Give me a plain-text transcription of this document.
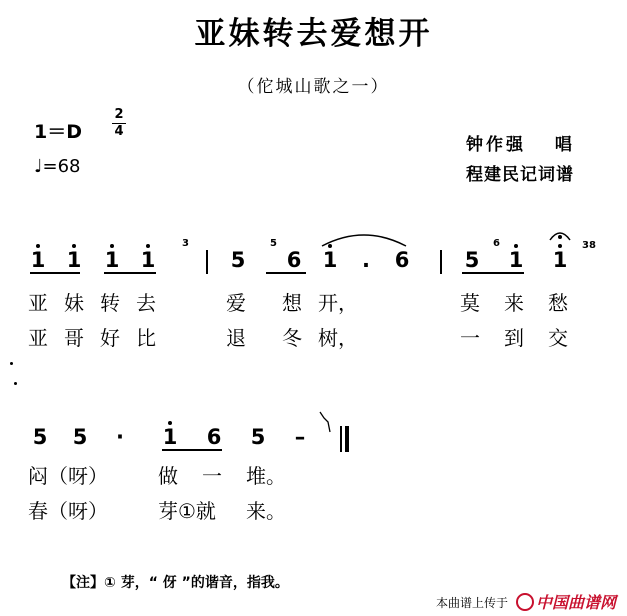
亚妹转去爱想开
（佗城山歌之一）
1＝D
2
4
♩=68
钟作强　 唱
程建民记词谱
1 1 1 1
3
5
5
6 1 . 6	5
6
1 1
38
亚 妹 转 去	爱 想 开，	莫 来 愁
亚 哥 好 比	退 冬 树，	一 到 交
5 5 · 1 6 5 –
闷 （呀）	做 一 堆。
春 （呀）	芽①就 来。
【注】① 芽，“ 伢 ”的谐音，指我。
本曲谱上传于	中国曲谱网
